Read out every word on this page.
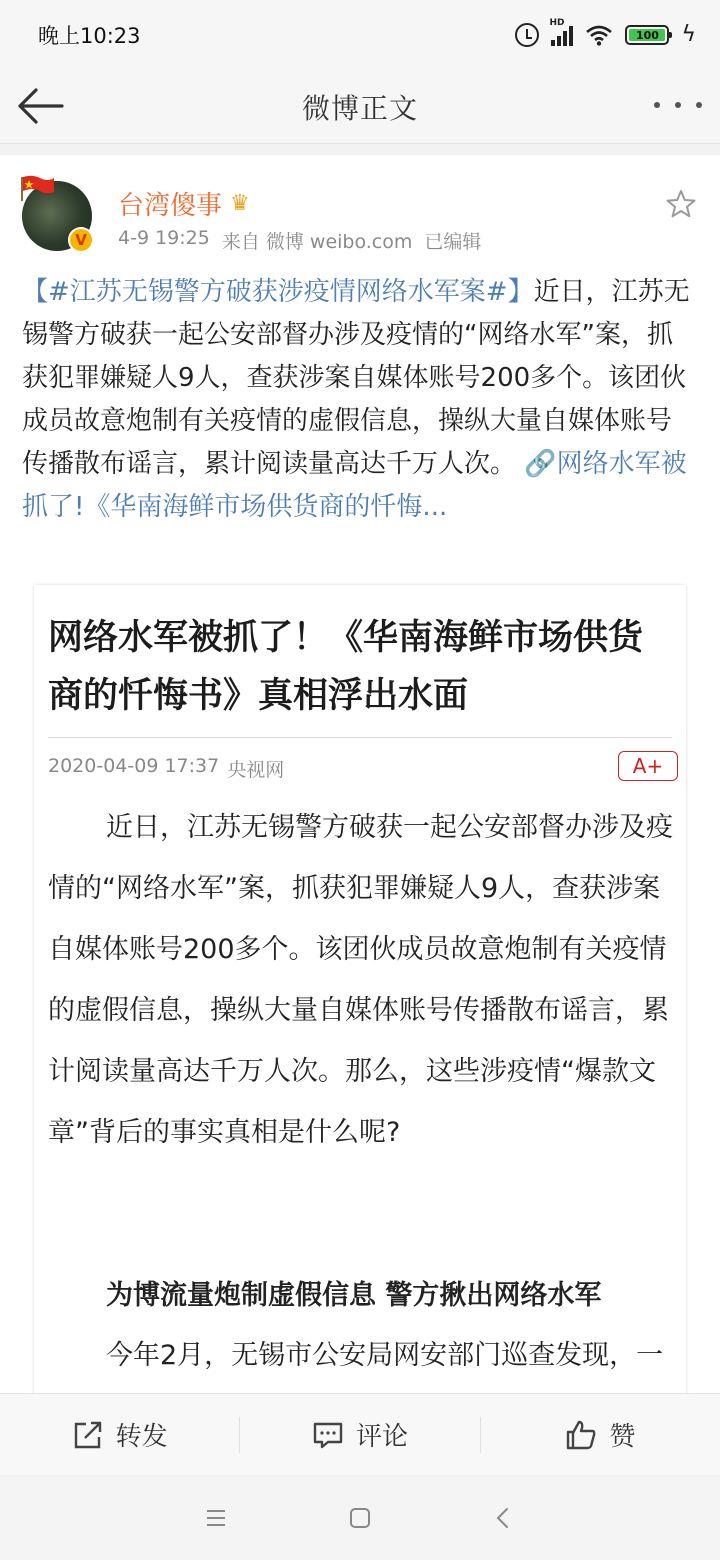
晚上10:23
HD
100 ϟ
微博正文
V
台湾傻事 ♛
4-9 19:25 来自 微博 weibo.com 已编辑
【#江苏无锡警方破获涉疫情网络水军案#】近日，江苏无锡警方破获一起公安部督办涉及疫情的“网络水军”案，抓获犯罪嫌疑人9人，查获涉案自媒体账号200多个。该团伙成员故意炮制有关疫情的虚假信息，操纵大量自媒体账号传播散布谣言，累计阅读量高达千万人次。 🔗网络水军被抓了!《华南海鲜市场供货商的忏悔...
网络水军被抓了！《华南海鲜市场供货商的忏悔书》真相浮出水面
2020-04-09 17:37 央视网	A+
近日，江苏无锡警方破获一起公安部督办涉及疫情的“网络水军”案，抓获犯罪嫌疑人9人，查获涉案自媒体账号200多个。该团伙成员故意炮制有关疫情的虚假信息，操纵大量自媒体账号传播散布谣言，累计阅读量高达千万人次。那么，这些涉疫情“爆款文章”背后的事实真相是什么呢?
为博流量炮制虚假信息 警方揪出网络水军
今年2月，无锡市公安局网安部门巡查发现，一
转发	评论	赞
